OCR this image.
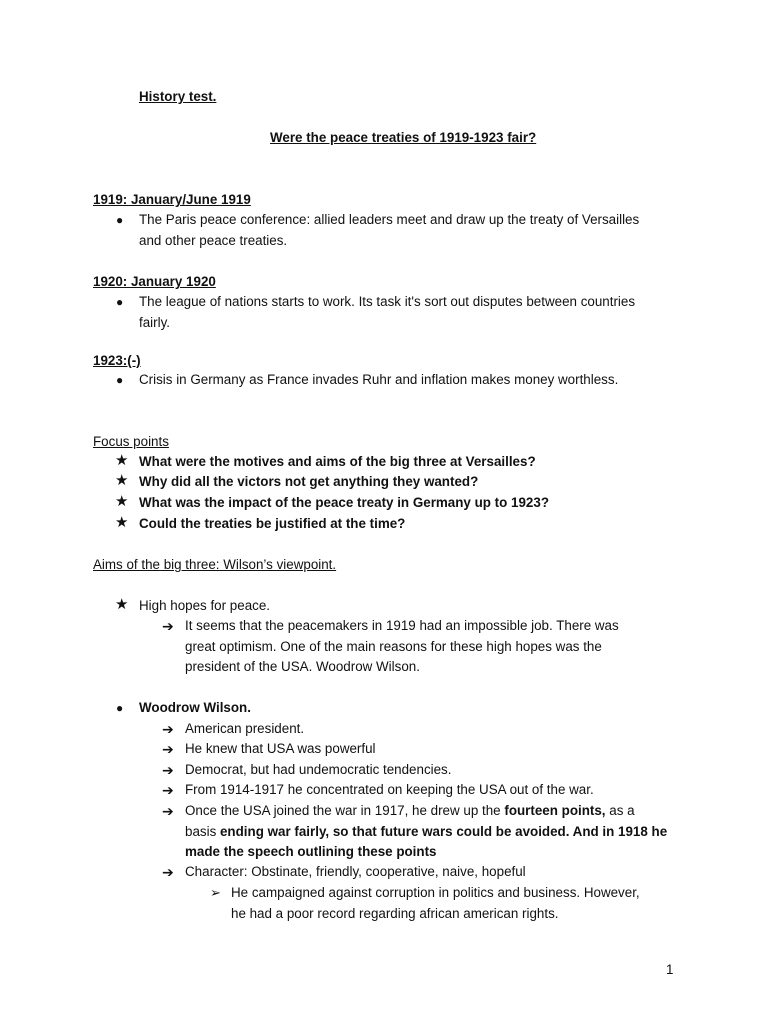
History test.
Were the peace treaties of 1919-1923 fair?
1919: January/June 1919
● The Paris peace conference: allied leaders meet and draw up the treaty of Versailles
and other peace treaties.
1920: January 1920
● The league of nations starts to work. Its task it's sort out disputes between countries
fairly.
1923:(-)
● Crisis in Germany as France invades Ruhr and inflation makes money worthless.
Focus points
★ What were the motives and aims of the big three at Versailles?
★ Why did all the victors not get anything they wanted?
★ What was the impact of the peace treaty in Germany up to 1923?
★ Could the treaties be justified at the time?
Aims of the big three: Wilson’s viewpoint.
★ High hopes for peace.
➔ It seems that the peacemakers in 1919 had an impossible job. There was
great optimism. One of the main reasons for these high hopes was the
president of the USA. Woodrow Wilson.
● Woodrow Wilson.
➔ American president.
➔ He knew that USA was powerful
➔ Democrat, but had undemocratic tendencies.
➔ From 1914-1917 he concentrated on keeping the USA out of the war.
➔ Once the USA joined the war in 1917, he drew up the fourteen points, as a
basis ending war fairly, so that future wars could be avoided. And in 1918 he
made the speech outlining these points
➔ Character: Obstinate, friendly, cooperative, naive, hopeful
➢ He campaigned against corruption in politics and business. However,
he had a poor record regarding african american rights.
1
